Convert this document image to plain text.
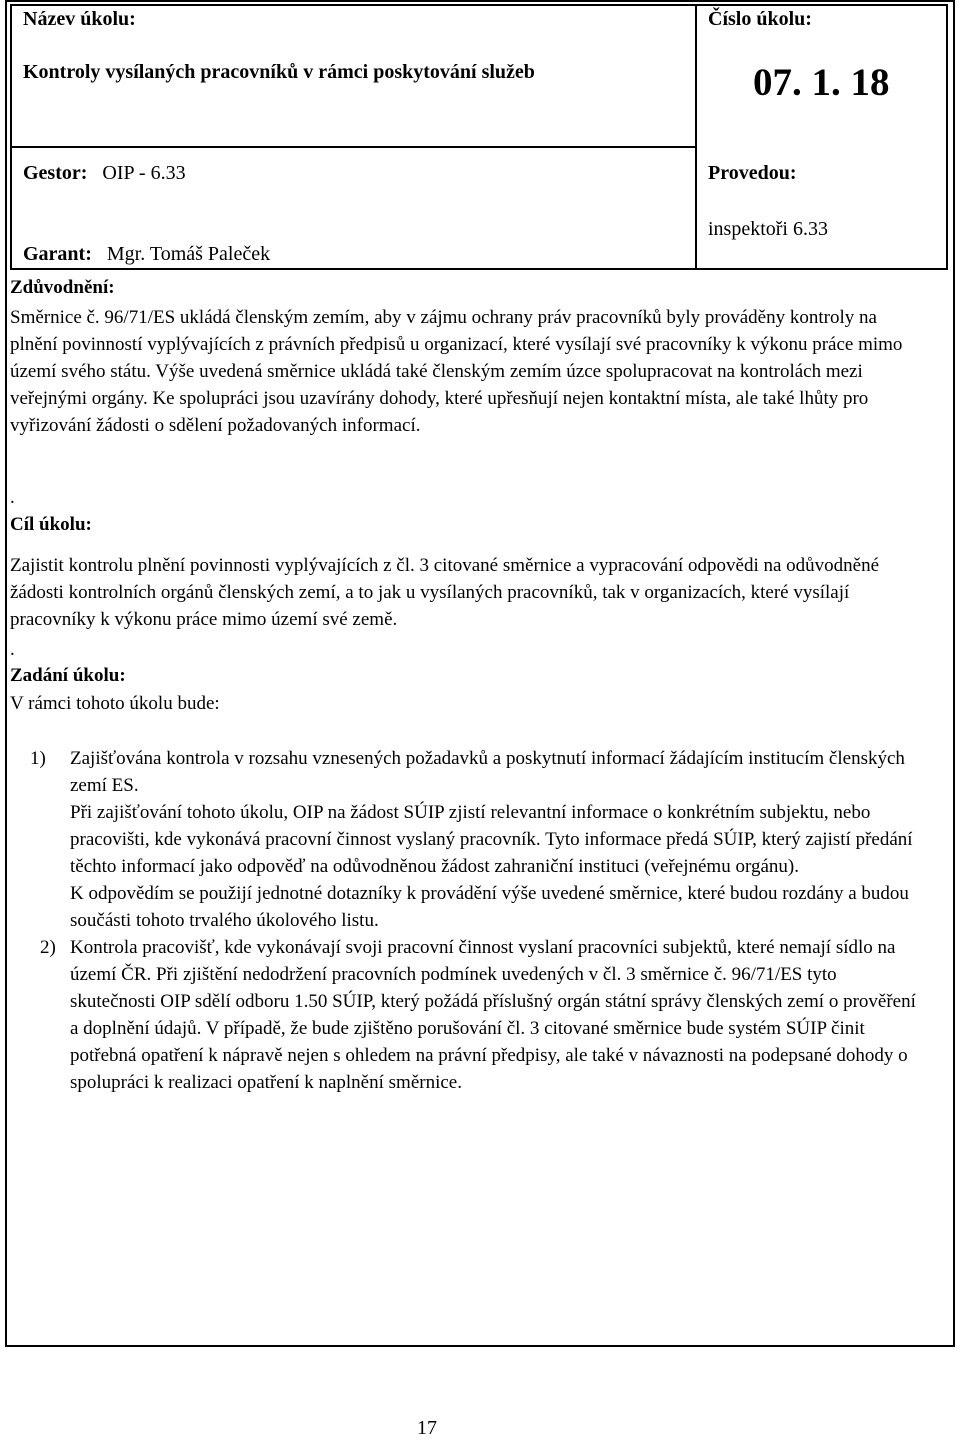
Název úkolu:
Kontroly vysílaných pracovníků v rámci poskytování služeb
Číslo úkolu:
07. 1. 18
Gestor: OIP - 6.33
Garant: Mgr. Tomáš Paleček
Provedou:
inspektoři 6.33
Zdůvodnění:
Směrnice č. 96/71/ES ukládá členským zemím, aby v zájmu ochrany práv pracovníků byly prováděny kontroly na plnění povinností vyplývajících z právních předpisů u organizací, které vysílají své pracovníky k výkonu práce mimo území svého státu. Výše uvedená směrnice ukládá také členským zemím úzce spolupracovat na kontrolách mezi veřejnými orgány. Ke spolupráci jsou uzavírány dohody, které upřesňují nejen kontaktní místa, ale také lhůty pro vyřizování žádosti o sdělení požadovaných informací.
.
Cíl úkolu:
Zajistit kontrolu plnění povinnosti vyplývajících z čl. 3 citované směrnice a vypracování odpovědi na odůvodněné žádosti kontrolních orgánů členských zemí, a to jak u vysílaných pracovníků, tak v organizacích, které vysílají pracovníky k výkonu práce mimo území své země.
.
Zadání úkolu:
V rámci tohoto úkolu bude:
1)	Zajišťována kontrola v rozsahu vznesených požadavků a poskytnutí informací žádajícím institucím členských zemí ES.

Při zajišťování tohoto úkolu, OIP na žádost SÚIP zjistí relevantní informace o konkrétním subjektu, nebo pracovišti, kde vykonává pracovní činnost vyslaný pracovník. Tyto informace předá SÚIP, který zajistí předání těchto informací jako odpověď na odůvodněnou žádost zahraniční instituci (veřejnému orgánu).

K odpovědím se použijí jednotné dotazníky k provádění výše uvedené směrnice, které budou rozdány a budou součásti tohoto trvalého úkolového listu.

2) Kontrola pracovišť, kde vykonávají svoji pracovní činnost vyslaní pracovníci subjektů, které nemají sídlo na území ČR. Při zjištění nedodržení pracovních podmínek uvedených v čl. 3 směrnice č. 96/71/ES tyto skutečnosti OIP sdělí odboru 1.50 SÚIP, který požádá příslušný orgán státní správy členských zemí o prověření a doplnění údajů. V případě, že bude zjištěno porušování čl. 3 citované směrnice bude systém SÚIP činit potřebná opatření k nápravě nejen s ohledem na právní předpisy, ale také v návaznosti na podepsané dohody o spolupráci k realizaci opatření k naplnění směrnice.

17
